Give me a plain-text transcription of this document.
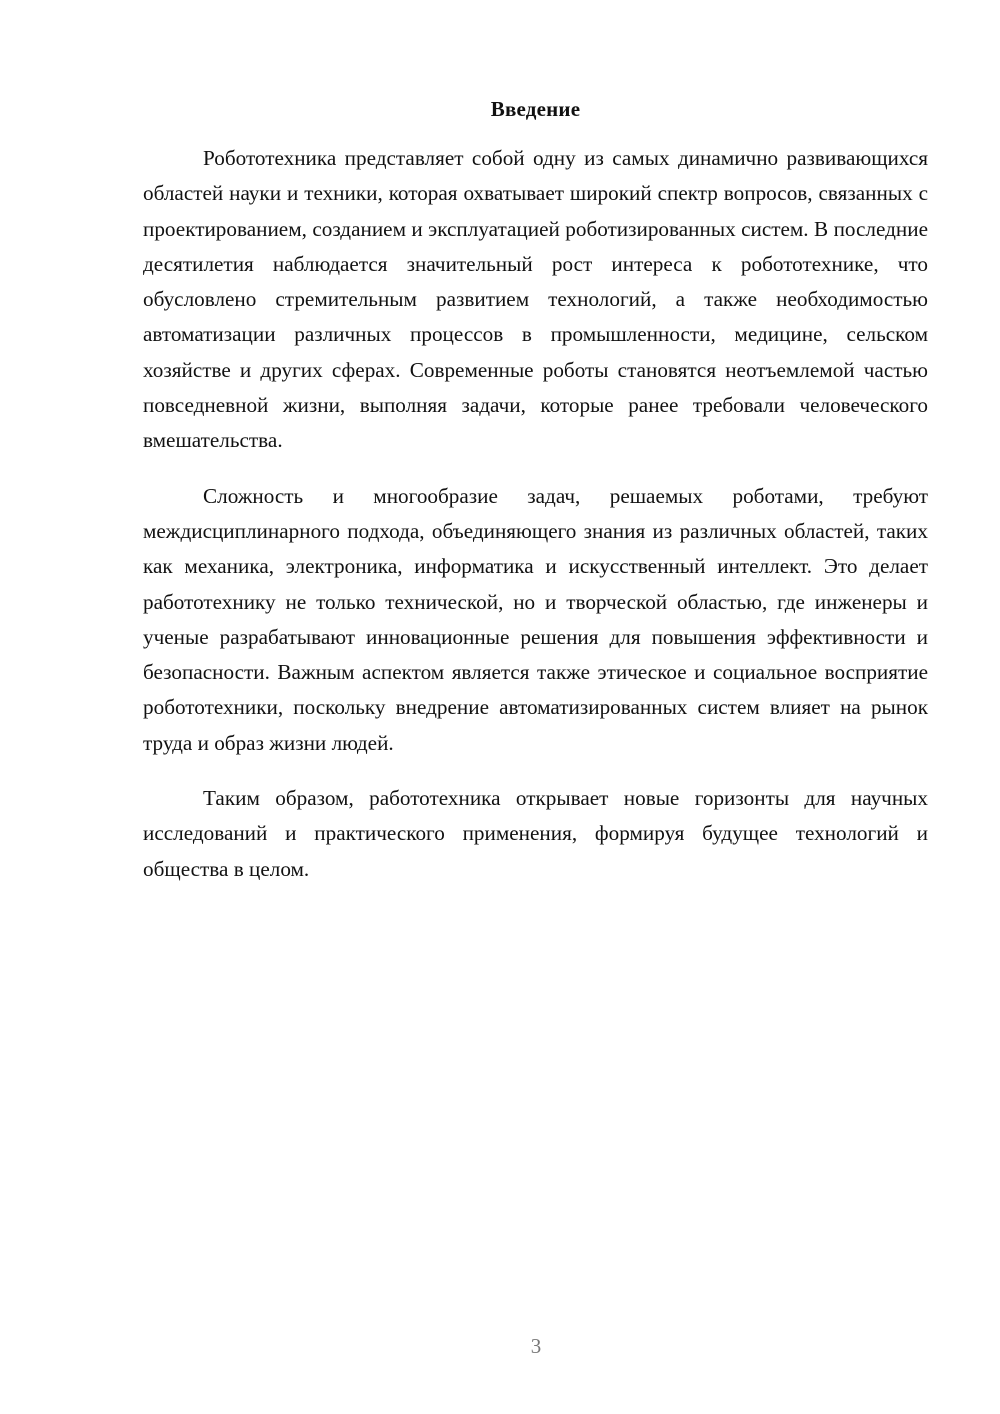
Введение

Робототехника представляет собой одну из самых динамично развивающихся областей науки и техники, которая охватывает широкий спектр вопросов, связанных с проектированием, созданием и эксплуатацией роботизированных систем. В последние десятилетия наблюдается значительный рост интереса к робототехнике, что обусловлено стремительным развитием технологий, а также необходимостью автоматизации различных процессов в промышленности, медицине, сельском хозяйстве и других сферах. Современные роботы становятся неотъемлемой частью повседневной жизни, выполняя задачи, которые ранее требовали человеческого вмешательства.

Сложность и многообразие задач, решаемых роботами, требуют междисциплинарного подхода, объединяющего знания из различных областей, таких как механика, электроника, информатика и искусственный интеллект. Это делает работотехнику не только технической, но и творческой областью, где инженеры и ученые разрабатывают инновационные решения для повышения эффективности и безопасности. Важным аспектом является также этическое и социальное восприятие робототехники, поскольку внедрение автоматизированных систем влияет на рынок труда и образ жизни людей.

Таким образом, работотехника открывает новые горизонты для научных исследований и практического применения, формируя будущее технологий и общества в целом.

3
